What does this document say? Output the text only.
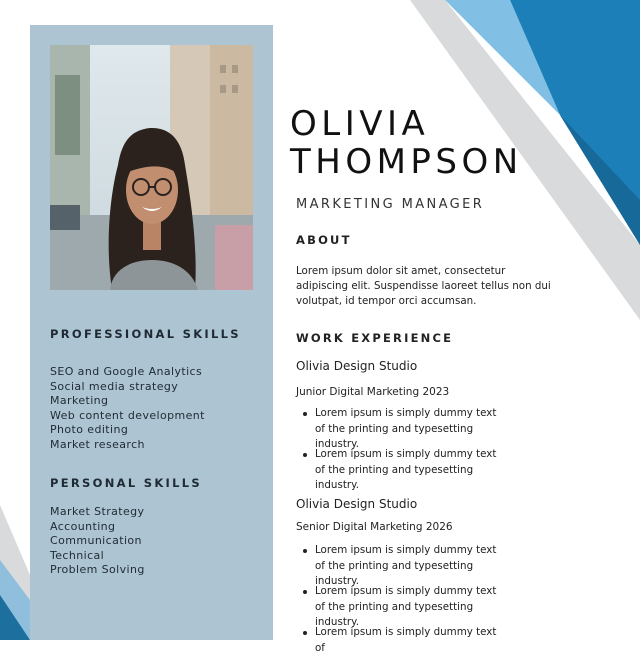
PROFESSIONAL SKILLS
SEO and Google Analytics
Social media strategy
Marketing
Web content development
Photo editing
Market research
PERSONAL SKILLS
Market Strategy
Accounting
Communication
Technical
Problem Solving
OLIVIA
THOMPSON
MARKETING MANAGER
ABOUT

Lorem ipsum dolor sit amet, consectetur adipiscing elit. Suspendisse laoreet tellus non dui volutpat, id tempor orci accumsan.

WORK EXPERIENCE
Olivia Design Studio
Junior Digital Marketing 2023
Lorem ipsum is simply dummy text of the printing and typesetting industry.
Lorem ipsum is simply dummy text of the printing and typesetting industry.
Olivia Design Studio
Senior Digital Marketing 2026
Lorem ipsum is simply dummy text of the printing and typesetting industry.
Lorem ipsum is simply dummy text of the printing and typesetting industry.
Lorem ipsum is simply dummy text of
